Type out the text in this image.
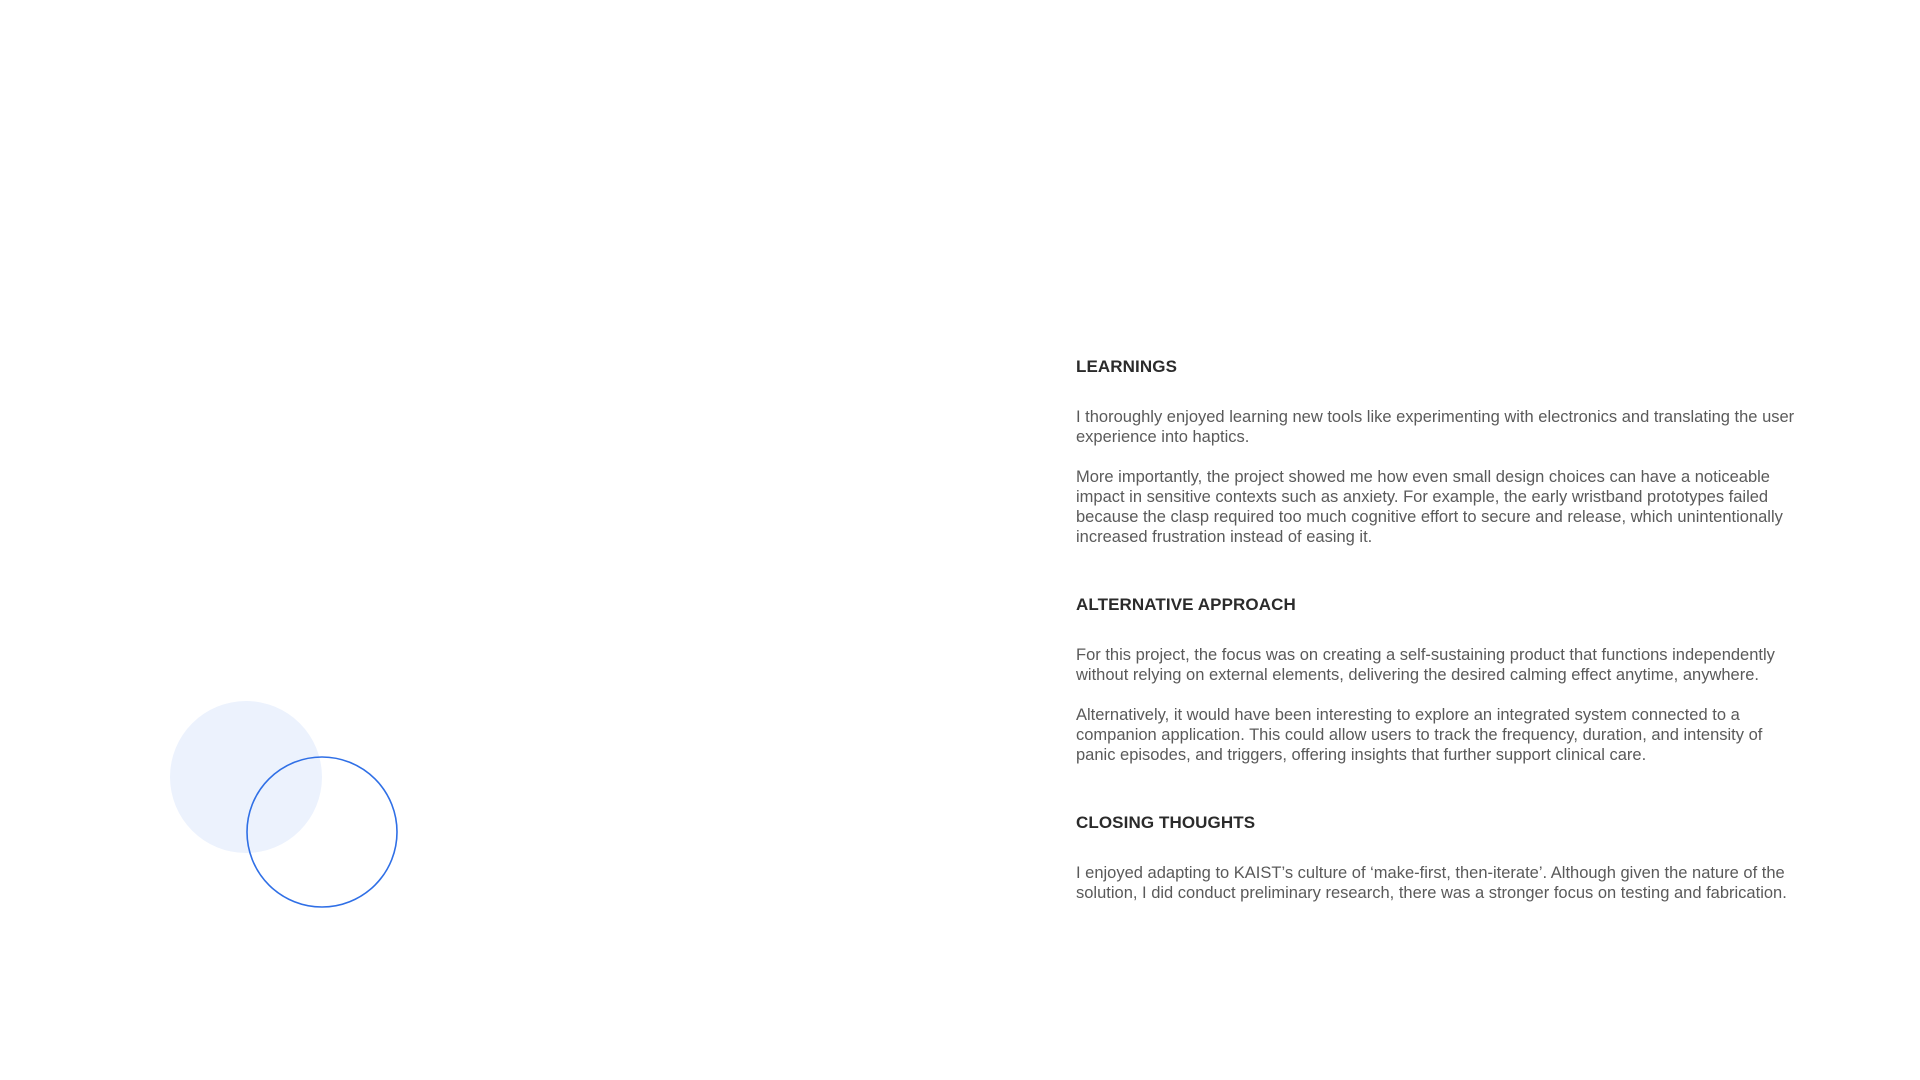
LEARNINGS

I thoroughly enjoyed learning new tools like experimenting with electronics and translating the user experience into haptics.

More importantly, the project showed me how even small design choices can have a noticeable impact in sensitive contexts such as anxiety. For example, the early wristband prototypes failed because the clasp required too much cognitive effort to secure and release, which unintentionally increased frustration instead of easing it.

ALTERNATIVE APPROACH

For this project, the focus was on creating a self-sustaining product that functions independently without relying on external elements, delivering the desired calming effect anytime, anywhere.

Alternatively, it would have been interesting to explore an integrated system connected to a companion application. This could allow users to track the frequency, duration, and intensity of panic episodes, and triggers, offering insights that further support clinical care.

CLOSING THOUGHTS

I enjoyed adapting to KAIST’s culture of ‘make-first, then-iterate’. Although given the nature of the solution, I did conduct preliminary research, there was a stronger focus on testing and fabrication.
